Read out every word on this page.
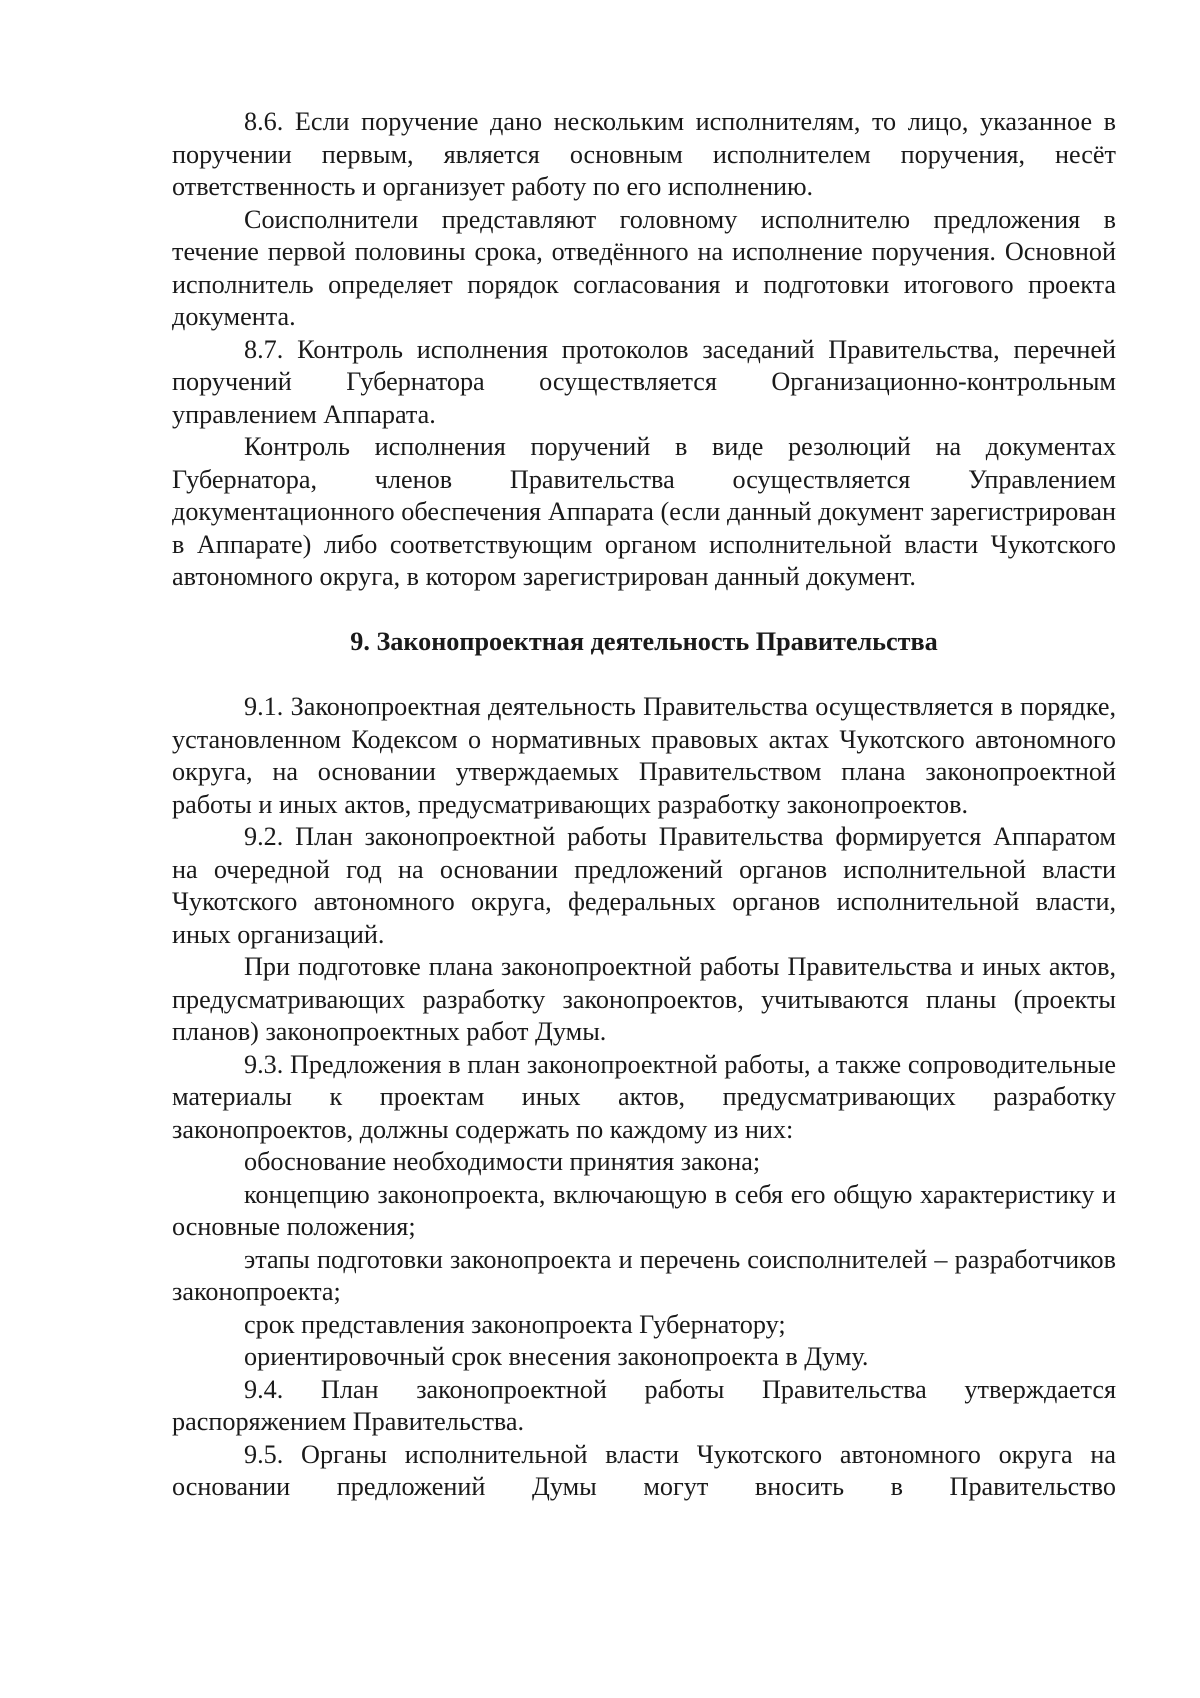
8.6. Если поручение дано нескольким исполнителям, то лицо, указанное в поручении первым, является основным исполнителем поручения, несёт ответственность и организует работу по его исполнению.

Соисполнители представляют головному исполнителю предложения в течение первой половины срока, отведённого на исполнение поручения. Основной исполнитель определяет порядок согласования и подготовки итогового проекта документа.

8.7. Контроль исполнения протоколов заседаний Правительства, перечней поручений Губернатора осуществляется Организационно-контрольным управлением Аппарата.

Контроль исполнения поручений в виде резолюций на документах Губернатора, членов Правительства осуществляется Управлением документационного обеспечения Аппарата (если данный документ зарегистрирован в Аппарате) либо соответствующим органом исполнительной власти Чукотского автономного округа, в котором зарегистрирован данный документ.

9. Законопроектная деятельность Правительства

9.1. Законопроектная деятельность Правительства осуществляется в порядке, установленном Кодексом о нормативных правовых актах Чукотского автономного округа, на основании утверждаемых Правительством плана законопроектной работы и иных актов, предусматривающих разработку законопроектов.

9.2. План законопроектной работы Правительства формируется Аппаратом на очередной год на основании предложений органов исполнительной власти Чукотского автономного округа, федеральных органов исполнительной власти, иных организаций.

При подготовке плана законопроектной работы Правительства и иных актов, предусматривающих разработку законопроектов, учитываются планы (проекты планов) законопроектных работ Думы.

9.3. Предложения в план законопроектной работы, а также сопроводительные материалы к проектам иных актов, предусматривающих разработку законопроектов, должны содержать по каждому из них:

обоснование необходимости принятия закона;

концепцию законопроекта, включающую в себя его общую характеристику и основные положения;

этапы подготовки законопроекта и перечень соисполнителей – разработчиков законопроекта;

срок представления законопроекта Губернатору;

ориентировочный срок внесения законопроекта в Думу.

9.4. План законопроектной работы Правительства утверждается распоряжением Правительства.

9.5. Органы исполнительной власти Чукотского автономного округа на основании предложений Думы могут вносить в Правительство
